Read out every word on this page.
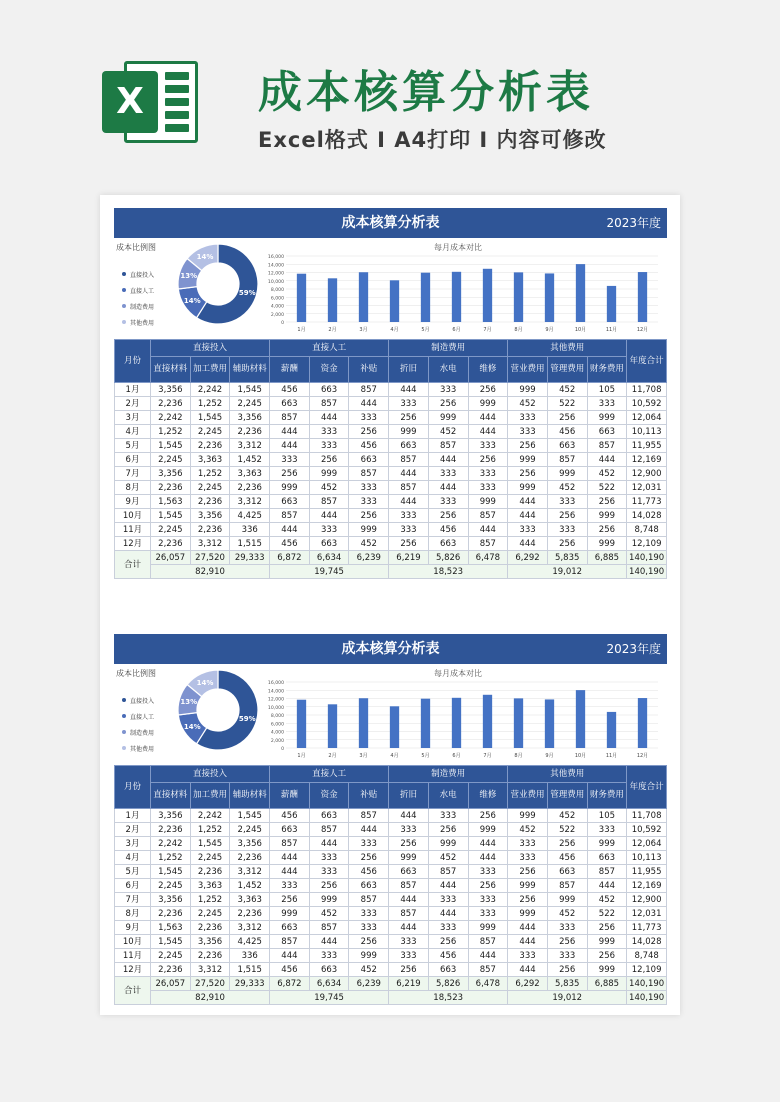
X	成本核算分析表
Excel格式 I A4打印 I 内容可修改
成本核算分析表	2023年度
成本比例图
直接投入
直接人工
制造费用
其他费用
59%
14%
13%
14%
每月成本对比
0
2,000
4,000
6,000
8,000
10,000
12,000
14,000
16,000
1月	2月	3月	4月	5月	6月	7月	8月	9月	10月	11月	12月
月份	直接投入			直接人工			制造费用			其他费用			年度合计
	直接材料	加工费用	辅助材料	薪酬	资金	补贴	折旧	水电	维修	营业费用	管理费用	财务费用	
1月	3,356	2,242	1,545	456	663	857	444	333	256	999	452	105	11,708
2月	2,236	1,252	2,245	663	857	444	333	256	999	452	522	333	10,592
3月	2,242	1,545	3,356	857	444	333	256	999	444	333	256	999	12,064
4月	1,252	2,245	2,236	444	333	256	999	452	444	333	456	663	10,113
5月	1,545	2,236	3,312	444	333	456	663	857	333	256	663	857	11,955
6月	2,245	3,363	1,452	333	256	663	857	444	256	999	857	444	12,169
7月	3,356	1,252	3,363	256	999	857	444	333	333	256	999	452	12,900
8月	2,236	2,245	2,236	999	452	333	857	444	333	999	452	522	12,031
9月	1,563	2,236	3,312	663	857	333	444	333	999	444	333	256	11,773
10月	1,545	3,356	4,425	857	444	256	333	256	857	444	256	999	14,028
11月	2,245	2,236	336	444	333	999	333	456	444	333	333	256	8,748
12月	2,236	3,312	1,515	456	663	452	256	663	857	444	256	999	12,109
合计	26,057	27,520	29,333	6,872	6,634	6,239	6,219	5,826	6,478	6,292	5,835	6,885	140,190
	82,910			19,745			18,523			19,012			140,190
成本核算分析表	2023年度
成本比例图
直接投入
直接人工
制造费用
其他费用
59%
14%
13%
14%
每月成本对比
0
2,000
4,000
6,000
8,000
10,000
12,000
14,000
16,000
1月	2月	3月	4月	5月	6月	7月	8月	9月	10月	11月	12月
月份	直接投入			直接人工			制造费用			其他费用			年度合计
	直接材料	加工费用	辅助材料	薪酬	资金	补贴	折旧	水电	维修	营业费用	管理费用	财务费用	
1月	3,356	2,242	1,545	456	663	857	444	333	256	999	452	105	11,708
2月	2,236	1,252	2,245	663	857	444	333	256	999	452	522	333	10,592
3月	2,242	1,545	3,356	857	444	333	256	999	444	333	256	999	12,064
4月	1,252	2,245	2,236	444	333	256	999	452	444	333	456	663	10,113
5月	1,545	2,236	3,312	444	333	456	663	857	333	256	663	857	11,955
6月	2,245	3,363	1,452	333	256	663	857	444	256	999	857	444	12,169
7月	3,356	1,252	3,363	256	999	857	444	333	333	256	999	452	12,900
8月	2,236	2,245	2,236	999	452	333	857	444	333	999	452	522	12,031
9月	1,563	2,236	3,312	663	857	333	444	333	999	444	333	256	11,773
10月	1,545	3,356	4,425	857	444	256	333	256	857	444	256	999	14,028
11月	2,245	2,236	336	444	333	999	333	456	444	333	333	256	8,748
12月	2,236	3,312	1,515	456	663	452	256	663	857	444	256	999	12,109
合计	26,057	27,520	29,333	6,872	6,634	6,239	6,219	5,826	6,478	6,292	5,835	6,885	140,190
	82,910			19,745			18,523			19,012			140,190
